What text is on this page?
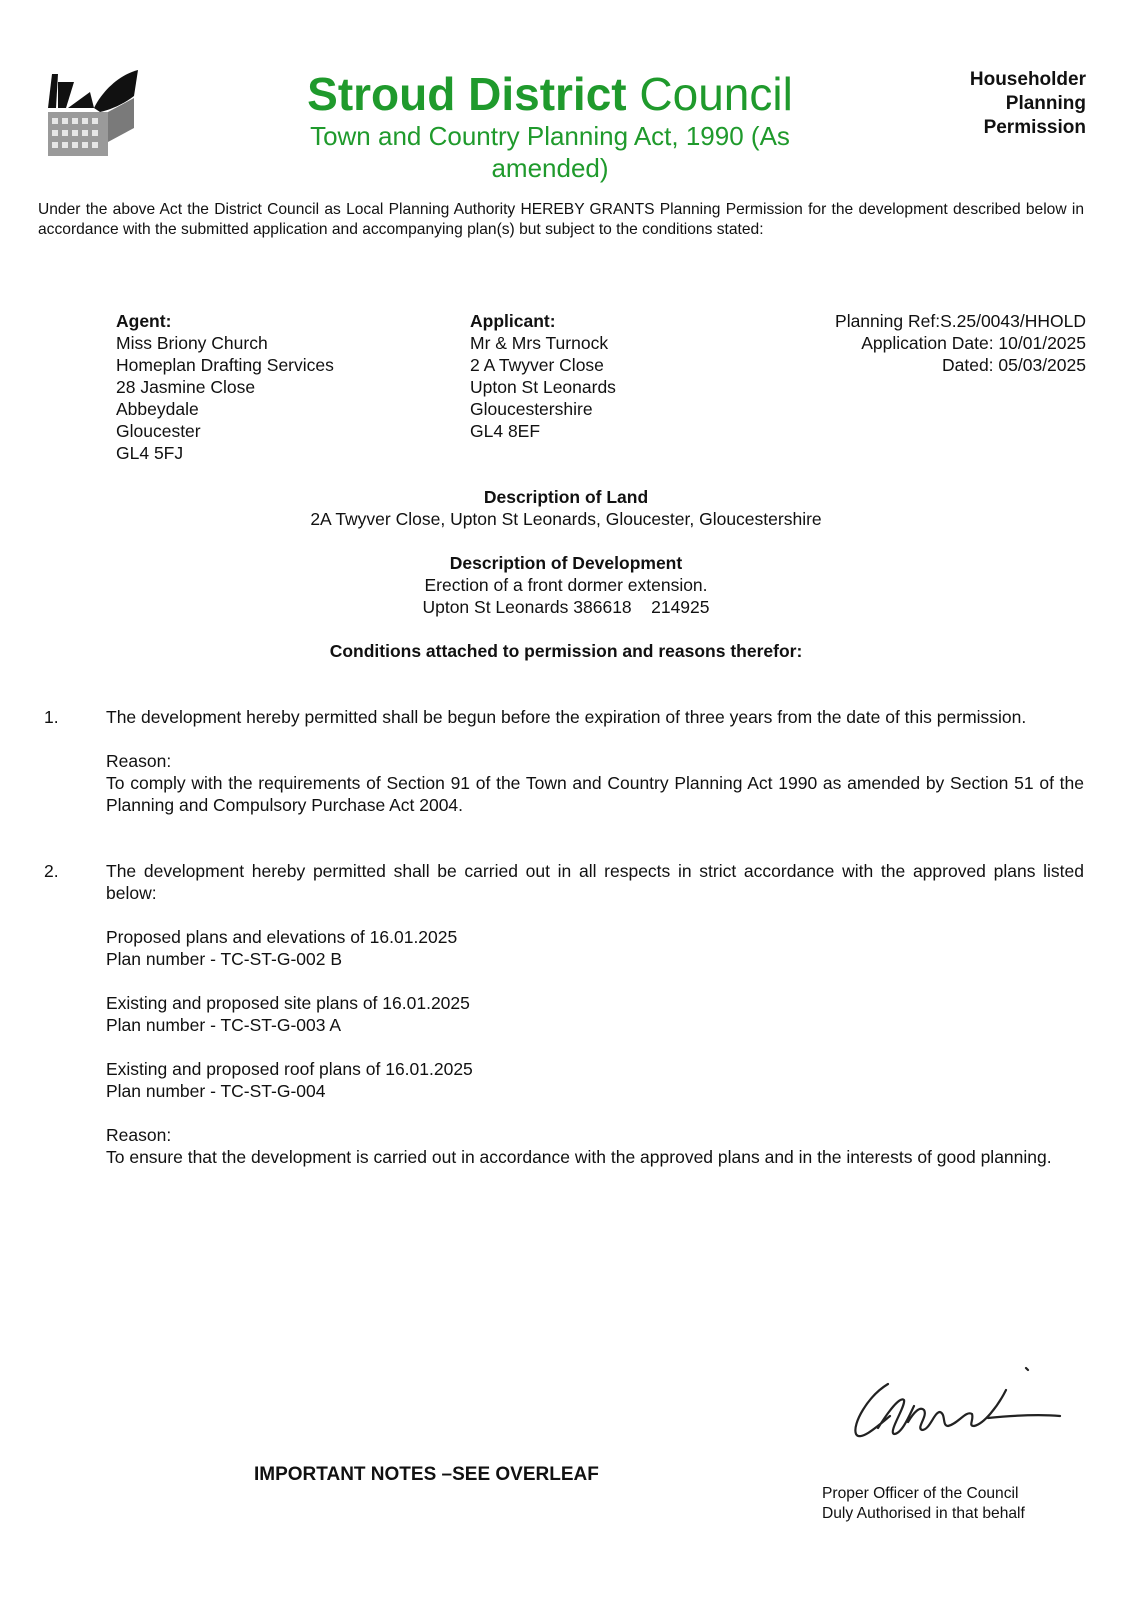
Stroud District Council
Town and Country Planning Act, 1990 (As amended)
Householder
Planning
Permission
Under the above Act the District Council as Local Planning Authority HEREBY GRANTS Planning Permission for the development described below in accordance with the submitted application and accompanying plan(s) but subject to the conditions stated:
Agent:
Miss Briony Church
Homeplan Drafting Services
28 Jasmine Close
Abbeydale
Gloucester
GL4 5FJ
Applicant:
Mr & Mrs Turnock
2 A Twyver Close
Upton St Leonards
Gloucestershire
GL4 8EF
Planning Ref:S.25/0043/HHOLD
Application Date: 10/01/2025
Dated: 05/03/2025
Description of Land
2A Twyver Close, Upton St Leonards, Gloucester, Gloucestershire
Description of Development
Erection of a front dormer extension.
Upton St Leonards 386618    214925
Conditions attached to permission and reasons therefor:
1.	The development hereby permitted shall be begun before the expiration of three years from the date of this permission.

Reason:

To comply with the requirements of Section 91 of the Town and Country Planning Act 1990 as amended by Section 51 of the Planning and Compulsory Purchase Act 2004.

2.	The development hereby permitted shall be carried out in all respects in strict accordance with the approved plans listed below:

Proposed plans and elevations of 16.01.2025
Plan number - TC-ST-G-002 B

Existing and proposed site plans of 16.01.2025
Plan number - TC-ST-G-003 A

Existing and proposed roof plans of 16.01.2025
Plan number - TC-ST-G-004

Reason:

To ensure that the development is carried out in accordance with the approved plans and in the interests of good planning.

IMPORTANT NOTES –SEE OVERLEAF
Proper Officer of the Council
Duly Authorised in that behalf
